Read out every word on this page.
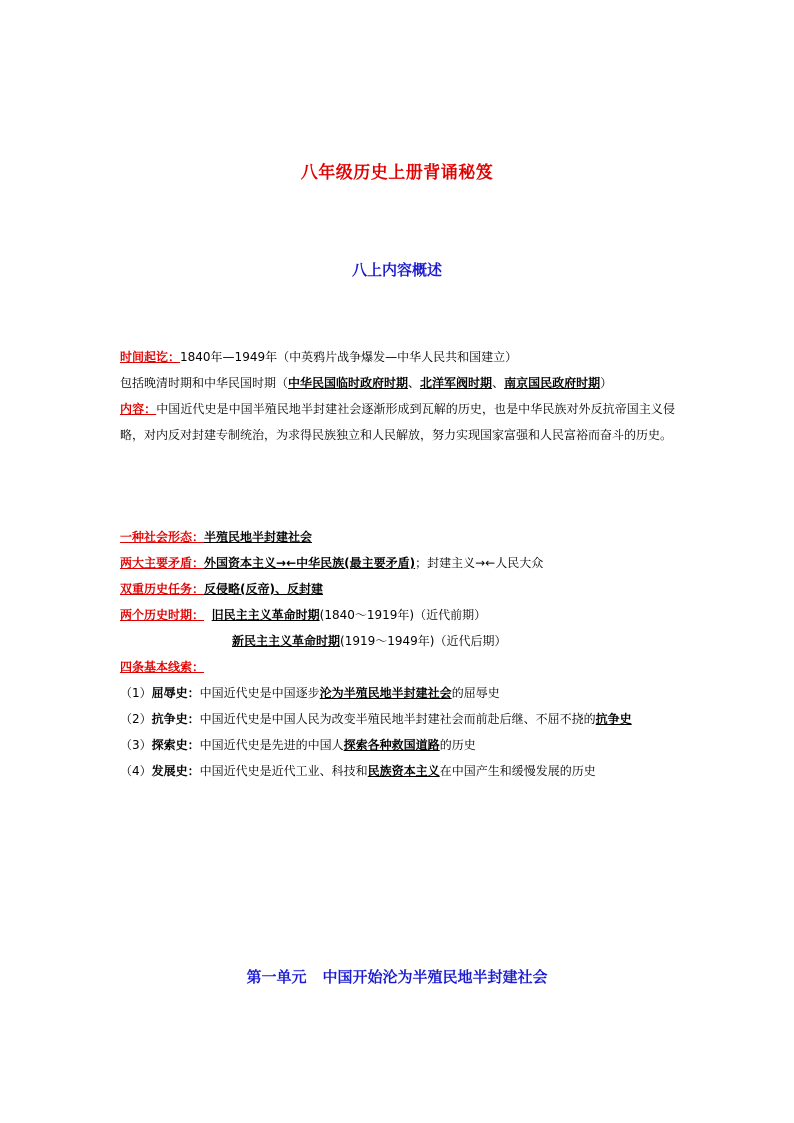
八年级历史上册背诵秘笈
八上内容概述
时间起讫：1840年—1949年（中英鸦片战争爆发—中华人民共和国建立）
包括晚清时期和中华民国时期（中华民国临时政府时期、北洋军阀时期、南京国民政府时期）
内容：中国近代史是中国半殖民地半封建社会逐渐形成到瓦解的历史，也是中华民族对外反抗帝国主义侵略，对内反对封建专制统治，为求得民族独立和人民解放，努力实现国家富强和人民富裕而奋斗的历史。
一种社会形态：半殖民地半封建社会
两大主要矛盾：外国资本主义→←中华民族(最主要矛盾)；封建主义→←人民大众
双重历史任务：反侵略(反帝)、反封建
两个历史时期： 旧民主主义革命时期(1840～1919年)（近代前期）
新民主主义革命时期(1919～1949年)（近代后期）
四条基本线索：
（1）屈辱史：中国近代史是中国逐步沦为半殖民地半封建社会的屈辱史
（2）抗争史：中国近代史是中国人民为改变半殖民地半封建社会而前赴后继、不屈不挠的抗争史
（3）探索史：中国近代史是先进的中国人探索各种救国道路的历史
（4）发展史：中国近代史是近代工业、科技和民族资本主义在中国产生和缓慢发展的历史
第一单元 中国开始沦为半殖民地半封建社会
